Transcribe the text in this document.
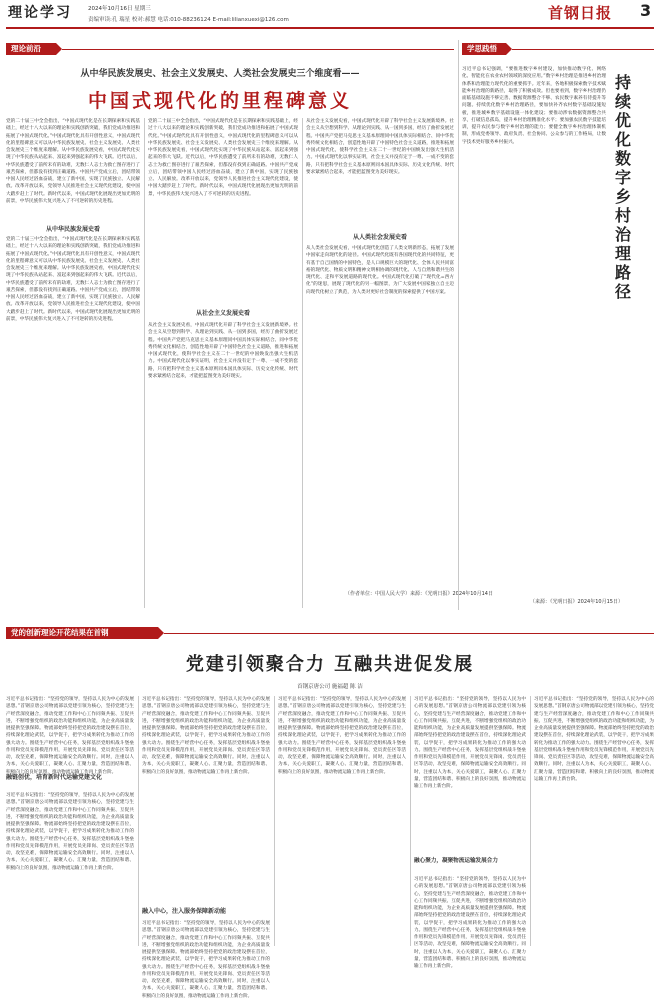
理论学习	2024年10月16日 星期三
责编审读:孔 瑞星 校对:郝慧 电话:010-88236124 E-mail:lilianxuexi@126.com	首钢日报 3
理论前沿
从中华民族发展史、社会主义发展史、人类社会发展史三个维度看——
中国式现代化的里程碑意义
党的二十届三中全会指出，“中国式现代化是在长期探索和实践基础上，经过十八大以来的理论和实践创新突破，我们党成功推进和拓展了中国式现代化。”中国式现代化具有开创性意义，中国式现代化的里程碑意义可以从中华民族发展史、社会主义发展史、人类社会发展史三个维度来理解。从中华民族发展史看，中国式现代化实现了中华民族从站起来、富起来到强起来的伟大飞跃。近代以后，中华民族遭受了前所未有的劫难，无数仁人志士为救亡图存进行了艰苦探索，但都没有找到正确道路。中国共产党成立后，团结带领中国人民经过浴血奋战，建立了新中国，实现了民族独立、人民解放。改革开放以来，党领导人民推进社会主义现代化建设，使中国大踏步赶上了时代。新时代以来，中国式现代化展现出更加光明的前景，中华民族伟大复兴进入了不可逆转的历史进程。
从中华民族发展史看
党的二十届三中全会指出，“中国式现代化是在长期探索和实践基础上，经过十八大以来的理论和实践创新突破，我们党成功推进和拓展了中国式现代化。”中国式现代化具有开创性意义，中国式现代化的里程碑意义可以从中华民族发展史、社会主义发展史、人类社会发展史三个维度来理解。从中华民族发展史看，中国式现代化实现了中华民族从站起来、富起来到强起来的伟大飞跃。近代以后，中华民族遭受了前所未有的劫难，无数仁人志士为救亡图存进行了艰苦探索，但都没有找到正确道路。中国共产党成立后，团结带领中国人民经过浴血奋战，建立了新中国，实现了民族独立、人民解放。改革开放以来，党领导人民推进社会主义现代化建设，使中国大踏步赶上了时代。新时代以来，中国式现代化展现出更加光明的前景，中华民族伟大复兴进入了不可逆转的历史进程。
党的二十届三中全会指出，“中国式现代化是在长期探索和实践基础上，经过十八大以来的理论和实践创新突破，我们党成功推进和拓展了中国式现代化。”中国式现代化具有开创性意义，中国式现代化的里程碑意义可以从中华民族发展史、社会主义发展史、人类社会发展史三个维度来理解。从中华民族发展史看，中国式现代化实现了中华民族从站起来、富起来到强起来的伟大飞跃。近代以后，中华民族遭受了前所未有的劫难，无数仁人志士为救亡图存进行了艰苦探索，但都没有找到正确道路。中国共产党成立后，团结带领中国人民经过浴血奋战，建立了新中国，实现了民族独立、人民解放。改革开放以来，党领导人民推进社会主义现代化建设，使中国大踏步赶上了时代。新时代以来，中国式现代化展现出更加光明的前景，中华民族伟大复兴进入了不可逆转的历史进程。
从社会主义发展史看
从社会主义发展史看，中国式现代化开辟了科学社会主义发展新境界。社会主义从空想到科学、从理论到实践、从一国到多国，经历了曲折发展过程。中国共产党把马克思主义基本原理同中国具体实际相结合、同中华优秀传统文化相结合，创造性地开辟了中国特色社会主义道路，推进和拓展中国式现代化，使科学社会主义在二十一世纪的中国焕发出强大生机活力。中国式现代化以事实证明，社会主义并没有定于一尊、一成不变的套路，只有把科学社会主义基本原则同本国具体实际、历史文化传统、时代要求紧密结合起来，才能把蓝图变为美好现实。
从社会主义发展史看，中国式现代化开辟了科学社会主义发展新境界。社会主义从空想到科学、从理论到实践、从一国到多国，经历了曲折发展过程。中国共产党把马克思主义基本原理同中国具体实际相结合、同中华优秀传统文化相结合，创造性地开辟了中国特色社会主义道路，推进和拓展中国式现代化，使科学社会主义在二十一世纪的中国焕发出强大生机活力。中国式现代化以事实证明，社会主义并没有定于一尊、一成不变的套路，只有把科学社会主义基本原则同本国具体实际、历史文化传统、时代要求紧密结合起来，才能把蓝图变为美好现实。
从人类社会发展史看
从人类社会发展史看，中国式现代化创造了人类文明新形态，拓展了发展中国家走向现代化的途径。中国式现代化既有各国现代化的共同特征，更有基于自己国情的中国特色，是人口规模巨大的现代化、全体人民共同富裕的现代化、物质文明和精神文明相协调的现代化、人与自然和谐共生的现代化、走和平发展道路的现代化。中国式现代化打破了“现代化=西方化”的迷思，展现了现代化的另一幅图景，为广大发展中国家独立自主迈向现代化树立了典范，为人类对更好社会制度的探索提供了中国方案。
（作者单位：中国人民大学）来源：《光明日报》2024年10月14日
学思践悟
习近平总书记强调，“要推进数字乡村建设，加快推动数字化、网络化、智能化在农业农村领域的深度应用。”数字乡村治理是推进乡村治理体系和治理能力现代化的重要抓手。近年来，各地积极探索数字技术赋能乡村治理的新路径，取得了积极成效。但也要看到，数字乡村治理仍面临基础设施不够完善、数据资源整合不够、农民数字素养有待提升等问题。持续优化数字乡村治理路径，要加快补齐农村数字基础设施短板，推进城乡数字基础设施一体化建设；要推动涉农数据资源整合共享，打破信息孤岛，提升乡村治理精准化水平；要加强农民数字技能培训，提升农民参与数字乡村治理的能力；要健全数字乡村治理体制机制，形成党委领导、政府负责、社会协同、公众参与的工作格局，让数字技术更好服务乡村振兴。
持续优化数字乡村治理路径
（来源：《光明日报》2024年10月15日）
党的创新理论开花结果在首钢
党建引领聚合力 互融共进促发展
首钢京唐公司 施福超 陈 洁
习近平总书记指出：“坚持党的领导，坚持以人民为中心的发展思想。”首钢京唐公司物流部以党建引领为核心，坚持党建与生产经营深度融合，推动党建工作和中心工作同频共振、互促共进，不断增强党组织的政治功能和组织功能，为企业高质量发展提供坚强保障。物流部始终坚持把党的政治建设摆在首位，持续深化理论武装，以学促干，把学习成果转化为推动工作的强大动力。围绕生产经营中心任务，发挥基层党组织战斗堡垒作用和党员先锋模范作用，开展党员先锋岗、党员责任区等活动，攻坚克难，保障物流运输安全高效顺行。同时，注重以人为本，关心关爱职工，凝聚人心、汇聚力量，营造团结和谐、积极向上的良好氛围，推动物流运输工作再上新台阶。
融链创优，培育新时代运输党建文化
习近平总书记指出：“坚持党的领导，坚持以人民为中心的发展思想。”首钢京唐公司物流部以党建引领为核心，坚持党建与生产经营深度融合，推动党建工作和中心工作同频共振、互促共进，不断增强党组织的政治功能和组织功能，为企业高质量发展提供坚强保障。物流部始终坚持把党的政治建设摆在首位，持续深化理论武装，以学促干，把学习成果转化为推动工作的强大动力。围绕生产经营中心任务，发挥基层党组织战斗堡垒作用和党员先锋模范作用，开展党员先锋岗、党员责任区等活动，攻坚克难，保障物流运输安全高效顺行。同时，注重以人为本，关心关爱职工，凝聚人心、汇聚力量，营造团结和谐、积极向上的良好氛围，推动物流运输工作再上新台阶。
习近平总书记指出：“坚持党的领导，坚持以人民为中心的发展思想。”首钢京唐公司物流部以党建引领为核心，坚持党建与生产经营深度融合，推动党建工作和中心工作同频共振、互促共进，不断增强党组织的政治功能和组织功能，为企业高质量发展提供坚强保障。物流部始终坚持把党的政治建设摆在首位，持续深化理论武装，以学促干，把学习成果转化为推动工作的强大动力。围绕生产经营中心任务，发挥基层党组织战斗堡垒作用和党员先锋模范作用，开展党员先锋岗、党员责任区等活动，攻坚克难，保障物流运输安全高效顺行。同时，注重以人为本，关心关爱职工，凝聚人心、汇聚力量，营造团结和谐、积极向上的良好氛围，推动物流运输工作再上新台阶。
融入中心，注入服务保障新动能
习近平总书记指出：“坚持党的领导，坚持以人民为中心的发展思想。”首钢京唐公司物流部以党建引领为核心，坚持党建与生产经营深度融合，推动党建工作和中心工作同频共振、互促共进，不断增强党组织的政治功能和组织功能，为企业高质量发展提供坚强保障。物流部始终坚持把党的政治建设摆在首位，持续深化理论武装，以学促干，把学习成果转化为推动工作的强大动力。围绕生产经营中心任务，发挥基层党组织战斗堡垒作用和党员先锋模范作用，开展党员先锋岗、党员责任区等活动，攻坚克难，保障物流运输安全高效顺行。同时，注重以人为本，关心关爱职工，凝聚人心、汇聚力量，营造团结和谐、积极向上的良好氛围，推动物流运输工作再上新台阶。
习近平总书记指出：“坚持党的领导，坚持以人民为中心的发展思想。”首钢京唐公司物流部以党建引领为核心，坚持党建与生产经营深度融合，推动党建工作和中心工作同频共振、互促共进，不断增强党组织的政治功能和组织功能，为企业高质量发展提供坚强保障。物流部始终坚持把党的政治建设摆在首位，持续深化理论武装，以学促干，把学习成果转化为推动工作的强大动力。围绕生产经营中心任务，发挥基层党组织战斗堡垒作用和党员先锋模范作用，开展党员先锋岗、党员责任区等活动，攻坚克难，保障物流运输安全高效顺行。同时，注重以人为本，关心关爱职工，凝聚人心、汇聚力量，营造团结和谐、积极向上的良好氛围，推动物流运输工作再上新台阶。
习近平总书记指出：“坚持党的领导，坚持以人民为中心的发展思想。”首钢京唐公司物流部以党建引领为核心，坚持党建与生产经营深度融合，推动党建工作和中心工作同频共振、互促共进，不断增强党组织的政治功能和组织功能，为企业高质量发展提供坚强保障。物流部始终坚持把党的政治建设摆在首位，持续深化理论武装，以学促干，把学习成果转化为推动工作的强大动力。围绕生产经营中心任务，发挥基层党组织战斗堡垒作用和党员先锋模范作用，开展党员先锋岗、党员责任区等活动，攻坚克难，保障物流运输安全高效顺行。同时，注重以人为本，关心关爱职工，凝聚人心、汇聚力量，营造团结和谐、积极向上的良好氛围，推动物流运输工作再上新台阶。
融心聚力，凝聚物流运输发展合力
习近平总书记指出：“坚持党的领导，坚持以人民为中心的发展思想。”首钢京唐公司物流部以党建引领为核心，坚持党建与生产经营深度融合，推动党建工作和中心工作同频共振、互促共进，不断增强党组织的政治功能和组织功能，为企业高质量发展提供坚强保障。物流部始终坚持把党的政治建设摆在首位，持续深化理论武装，以学促干，把学习成果转化为推动工作的强大动力。围绕生产经营中心任务，发挥基层党组织战斗堡垒作用和党员先锋模范作用，开展党员先锋岗、党员责任区等活动，攻坚克难，保障物流运输安全高效顺行。同时，注重以人为本，关心关爱职工，凝聚人心、汇聚力量，营造团结和谐、积极向上的良好氛围，推动物流运输工作再上新台阶。
习近平总书记指出：“坚持党的领导，坚持以人民为中心的发展思想。”首钢京唐公司物流部以党建引领为核心，坚持党建与生产经营深度融合，推动党建工作和中心工作同频共振、互促共进，不断增强党组织的政治功能和组织功能，为企业高质量发展提供坚强保障。物流部始终坚持把党的政治建设摆在首位，持续深化理论武装，以学促干，把学习成果转化为推动工作的强大动力。围绕生产经营中心任务，发挥基层党组织战斗堡垒作用和党员先锋模范作用，开展党员先锋岗、党员责任区等活动，攻坚克难，保障物流运输安全高效顺行。同时，注重以人为本，关心关爱职工，凝聚人心、汇聚力量，营造团结和谐、积极向上的良好氛围，推动物流运输工作再上新台阶。
